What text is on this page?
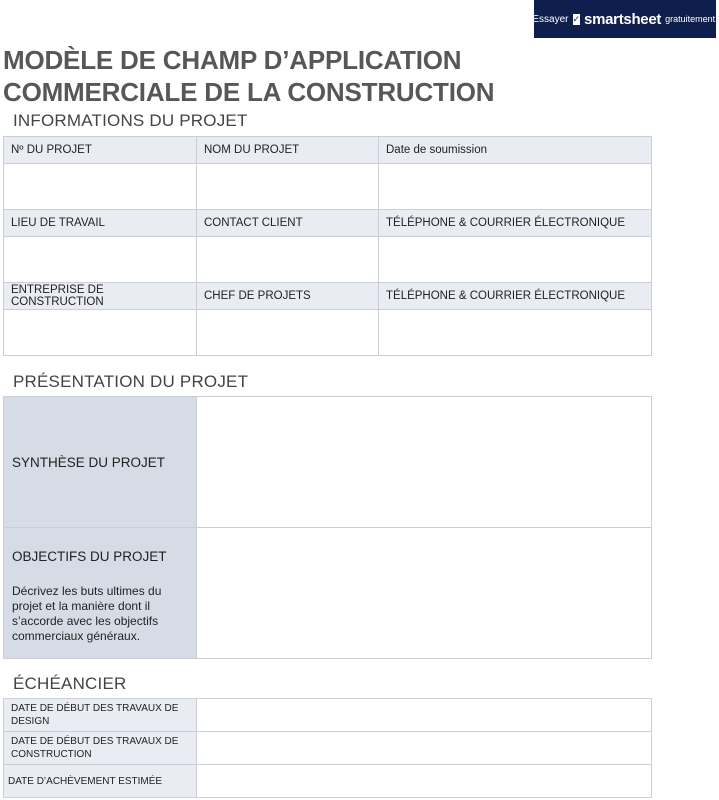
Essayer ✓ smartsheet gratuitement.
MODÈLE DE CHAMP D’APPLICATION
COMMERCIALE DE LA CONSTRUCTION
INFORMATIONS DU PROJET
Nº DU PROJET	NOM DU PROJET	Date de soumission

LIEU DE TRAVAIL	CONTACT CLIENT	TÉLÉPHONE & COURRIER ÉLECTRONIQUE

ENTREPRISE DE CONSTRUCTION	CHEF DE PROJETS	TÉLÉPHONE & COURRIER ÉLECTRONIQUE

PRÉSENTATION DU PROJET
SYNTHÈSE DU PROJET	

OBJECTIFS DU PROJET
Décrivez les buts ultimes du projet et la manière dont il s’accorde avec les objectifs commerciaux généraux.	

ÉCHÉANCIER
DATE DE DÉBUT DES TRAVAUX DE DESIGN	
DATE DE DÉBUT DES TRAVAUX DE CONSTRUCTION	
DATE D’ACHÈVEMENT ESTIMÉE	
